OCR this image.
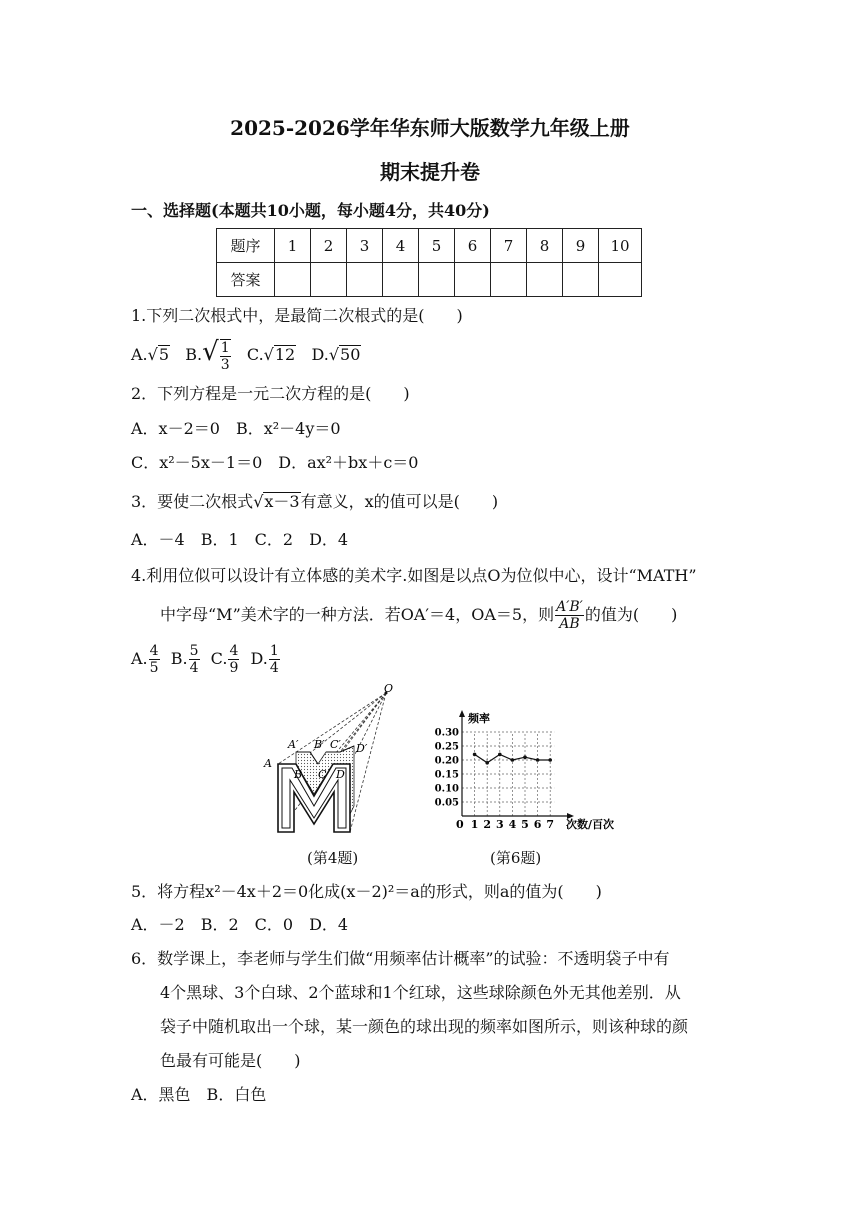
2025-2026学年华东师大版数学九年级上册
期末提升卷
一、选择题(本题共10小题，每小题4分，共40分)
题序	1	2	3	4	5	6	7	8	9	10
答案										
1.下列二次根式中，是最简二次根式的是(　　)
A.√5 $B.√ \frac{1}{3} C.√12$ D.√50
2．下列方程是一元二次方程的是(　　)
A．x－2＝0　B．x²－4y＝0
C．x²－5x－1＝0　D．ax²＋bx＋c＝0
3．要使二次根式√x－3有意义，x的值可以是(　　)
A．－4　B．1　C．2　D．4
4.利用位似可以设计有立体感的美术字.如图是以点O为位似中心，设计“MATH”
中字母“M”美术字的一种方法．若OA′＝4，OA＝5，则 $\frac{A'B'}{AB}$ 的值为(　　)
A. $\frac{4}{5} B$. $\frac{5}{4} C$. $\frac{4}{9} D$. $\frac{1}{4}$
O
A
B C D
A′ B′ C′ D′
(第4题)
0.05
0.10
0.15
0.20
0.25
0.30
1 2 3 4 5 6 7
频率
次数/百次
0
(第6题)
5．将方程x²－4x＋2＝0化成(x－2)²＝a的形式，则a的值为(　　)
A．－2　B．2　C．0　D．4
6．数学课上，李老师与学生们做“用频率估计概率”的试验：不透明袋子中有
4个黑球、3个白球、2个蓝球和1个红球，这些球除颜色外无其他差别．从
袋子中随机取出一个球，某一颜色的球出现的频率如图所示，则该种球的颜
色最有可能是(　　)
A．黑色　B．白色
